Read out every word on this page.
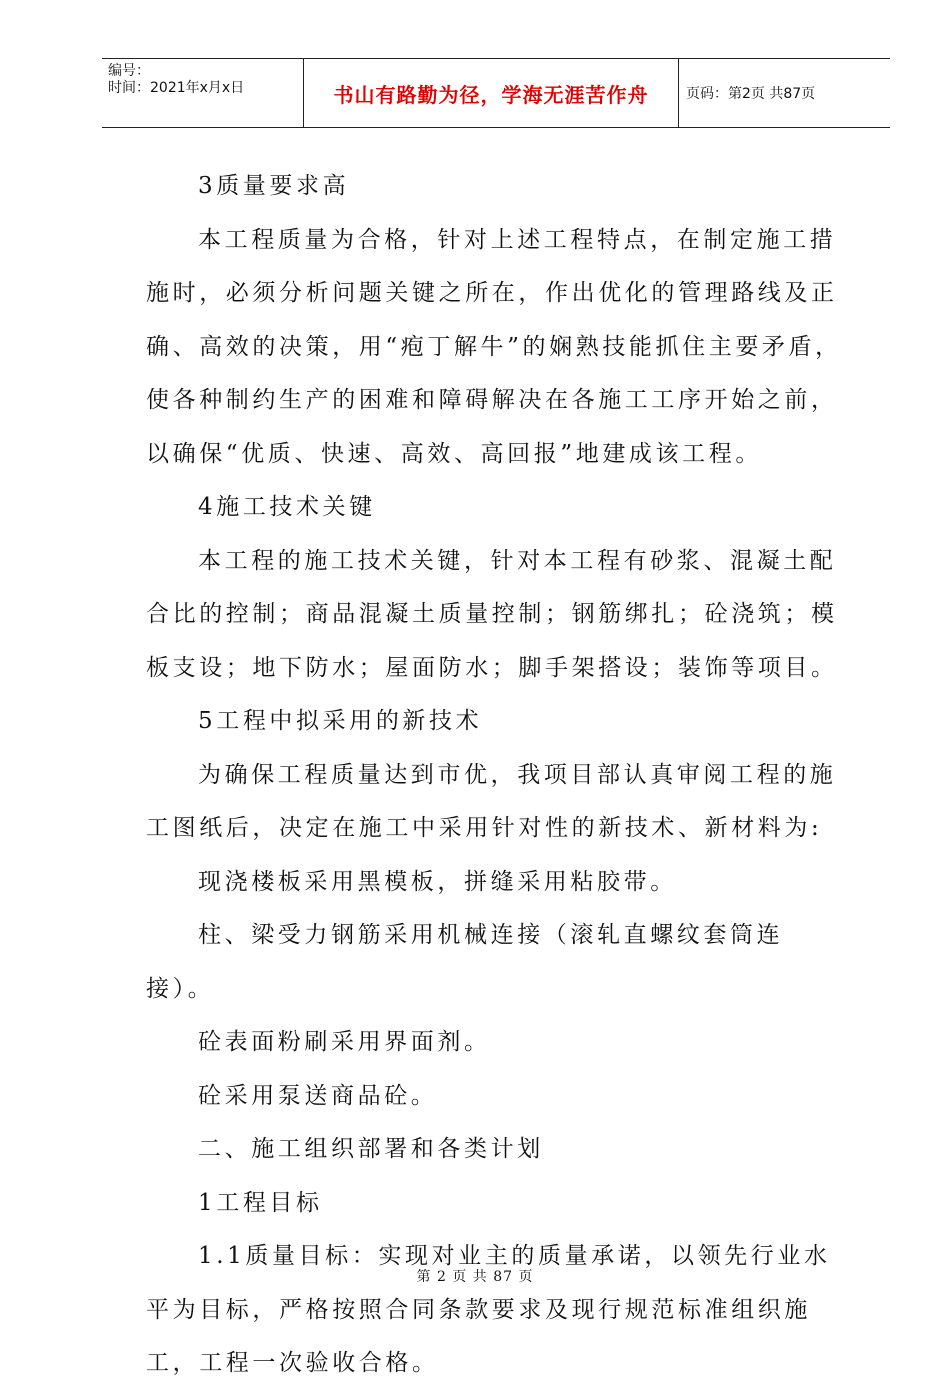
编号：
时间：2021年x月x日	书山有路勤为径，学海无涯苦作舟	页码：第2页 共87页

3质量要求高

本工程质量为合格，针对上述工程特点，在制定施工措施时，必须分析问题关键之所在，作出优化的管理路线及正确、高效的决策，用“疱丁解牛”的娴熟技能抓住主要矛盾，使各种制约生产的困难和障碍解决在各施工工序开始之前，以确保“优质、快速、高效、高回报”地建成该工程。

4施工技术关键

本工程的施工技术关键，针对本工程有砂浆、混凝土配合比的控制；商品混凝土质量控制；钢筋绑扎；砼浇筑；模板支设；地下防水；屋面防水；脚手架搭设；装饰等项目。

5工程中拟采用的新技术

为确保工程质量达到市优，我项目部认真审阅工程的施工图纸后，决定在施工中采用针对性的新技术、新材料为:

现浇楼板采用黑模板，拼缝采用粘胶带。

柱、梁受力钢筋采用机械连接（滚轧直螺纹套筒连接）。

砼表面粉刷采用界面剂。

砼采用泵送商品砼。

二、施工组织部署和各类计划

1工程目标

1.1质量目标：实现对业主的质量承诺，以领先行业水平为目标，严格按照合同条款要求及现行规范标准组织施工，工程一次验收合格。

第 2 页 共 87 页
